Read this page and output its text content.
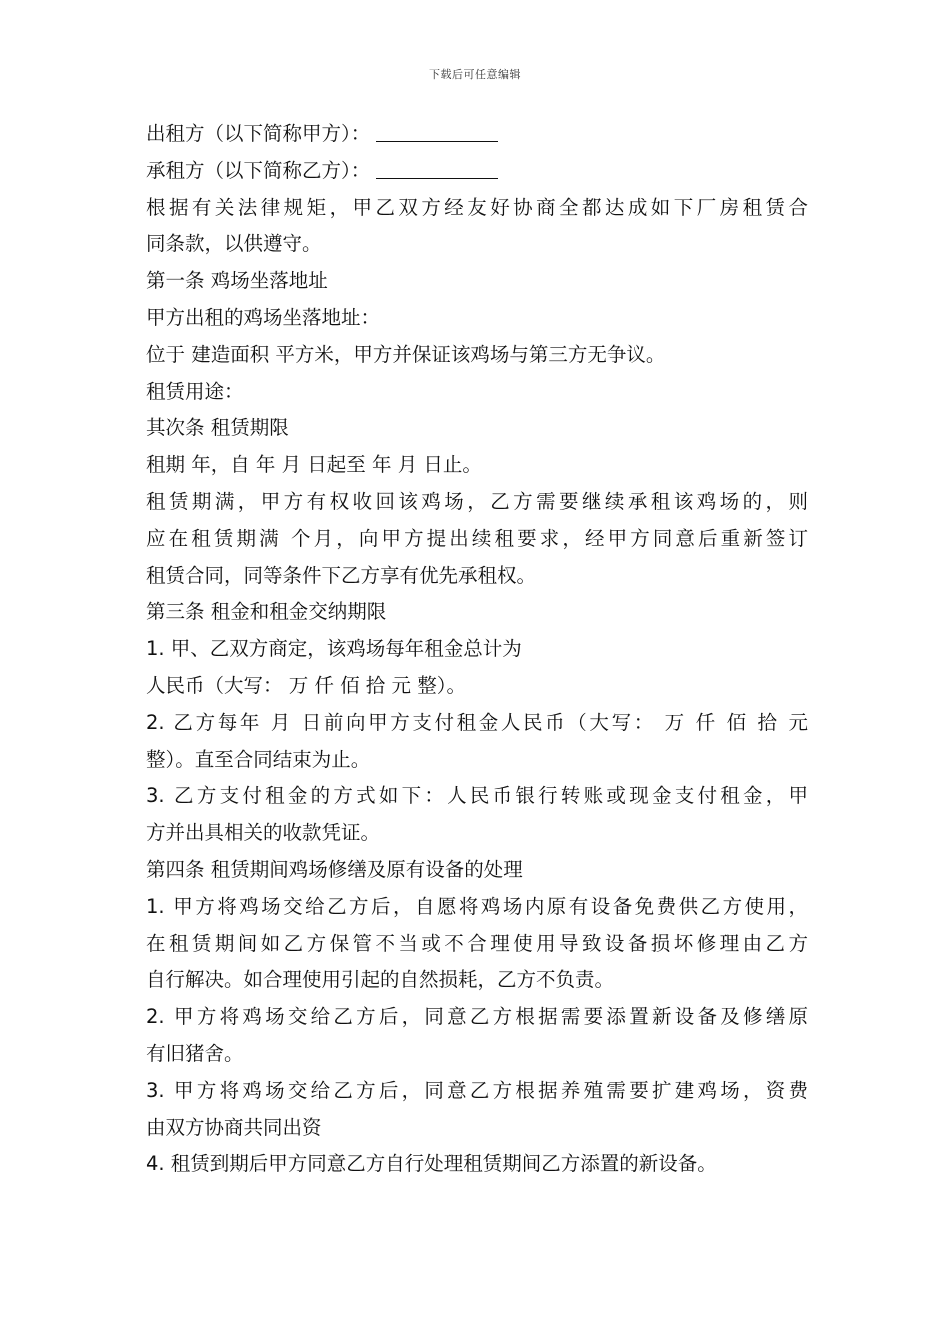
下载后可任意编辑
出租方（以下简称甲方）：
承租方（以下简称乙方）：
根据有关法律规矩，甲乙双方经友好协商全都达成如下厂房租赁合
同条款，以供遵守。
第一条 鸡场坐落地址
甲方出租的鸡场坐落地址：
位于 建造面积 平方米，甲方并保证该鸡场与第三方无争议。
租赁用途：
其次条 租赁期限
租期 年，自 年 月 日起至 年 月 日止。
租赁期满，甲方有权收回该鸡场，乙方需要继续承租该鸡场的，则
应在租赁期满 个月，向甲方提出续租要求，经甲方同意后重新签订
租赁合同，同等条件下乙方享有优先承租权。
第三条 租金和租金交纳期限
1. 甲、乙双方商定，该鸡场每年租金总计为
人民币（大写： 万 仟 佰 拾 元 整）。
2. 乙方每年 月 日前向甲方支付租金人民币（大写： 万 仟 佰 拾 元
整）。直至合同结束为止。
3. 乙方支付租金的方式如下：人民币银行转账或现金支付租金，甲
方并出具相关的收款凭证。
第四条 租赁期间鸡场修缮及原有设备的处理
1. 甲方将鸡场交给乙方后，自愿将鸡场内原有设备免费供乙方使用，
在租赁期间如乙方保管不当或不合理使用导致设备损坏修理由乙方
自行解决。如合理使用引起的自然损耗，乙方不负责。
2. 甲方将鸡场交给乙方后，同意乙方根据需要添置新设备及修缮原
有旧猪舍。
3. 甲方将鸡场交给乙方后，同意乙方根据养殖需要扩建鸡场，资费
由双方协商共同出资
4. 租赁到期后甲方同意乙方自行处理租赁期间乙方添置的新设备。
